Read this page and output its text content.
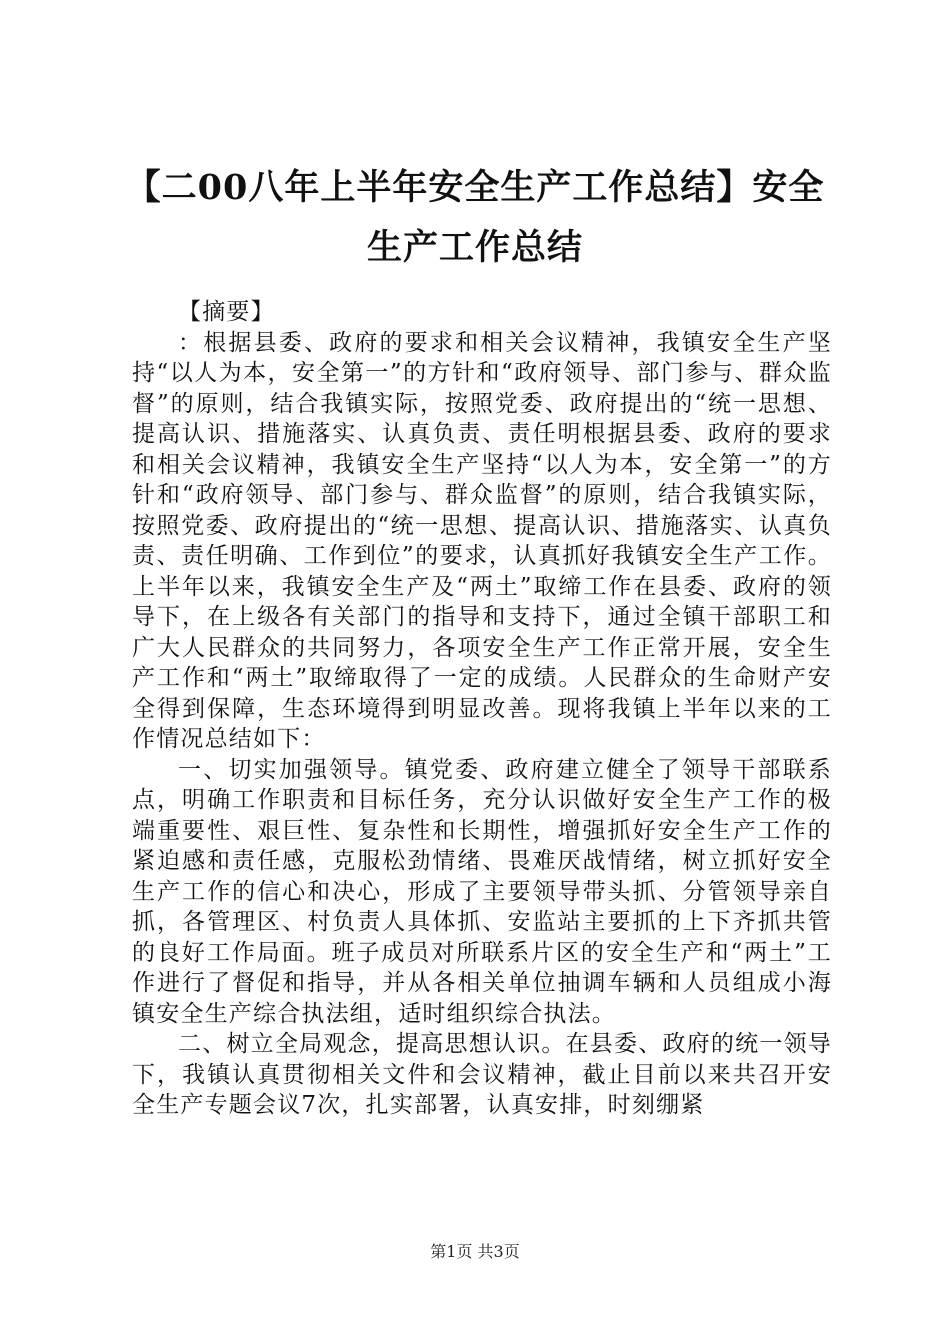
【二00八年上半年安全生产工作总结】安全
生产工作总结

【摘要】

：根据县委、政府的要求和相关会议精神，我镇安全生产坚持“以人为本，安全第一”的方针和“政府领导、部门参与、群众监督”的原则，结合我镇实际，按照党委、政府提出的“统一思想、提高认识、措施落实、认真负责、责任明根据县委、政府的要求和相关会议精神，我镇安全生产坚持“以人为本，安全第一”的方针和“政府领导、部门参与、群众监督”的原则，结合我镇实际，按照党委、政府提出的“统一思想、提高认识、措施落实、认真负责、责任明确、工作到位”的要求，认真抓好我镇安全生产工作。上半年以来，我镇安全生产及“两土”取缔工作在县委、政府的领导下，在上级各有关部门的指导和支持下，通过全镇干部职工和广大人民群众的共同努力，各项安全生产工作正常开展，安全生产工作和“两土”取缔取得了一定的成绩。人民群众的生命财产安全得到保障，生态环境得到明显改善。现将我镇上半年以来的工作情况总结如下：

一、切实加强领导。镇党委、政府建立健全了领导干部联系点，明确工作职责和目标任务，充分认识做好安全生产工作的极端重要性、艰巨性、复杂性和长期性，增强抓好安全生产工作的紧迫感和责任感，克服松劲情绪、畏难厌战情绪，树立抓好安全生产工作的信心和决心，形成了主要领导带头抓、分管领导亲自抓，各管理区、村负责人具体抓、安监站主要抓的上下齐抓共管的良好工作局面。班子成员对所联系片区的安全生产和“两土”工作进行了督促和指导，并从各相关单位抽调车辆和人员组成小海镇安全生产综合执法组，适时组织综合执法。

二、树立全局观念，提高思想认识。在县委、政府的统一领导下，我镇认真贯彻相关文件和会议精神，截止目前以来共召开安全生产专题会议7次，扎实部署，认真安排，时刻绷紧

第1页 共3页
